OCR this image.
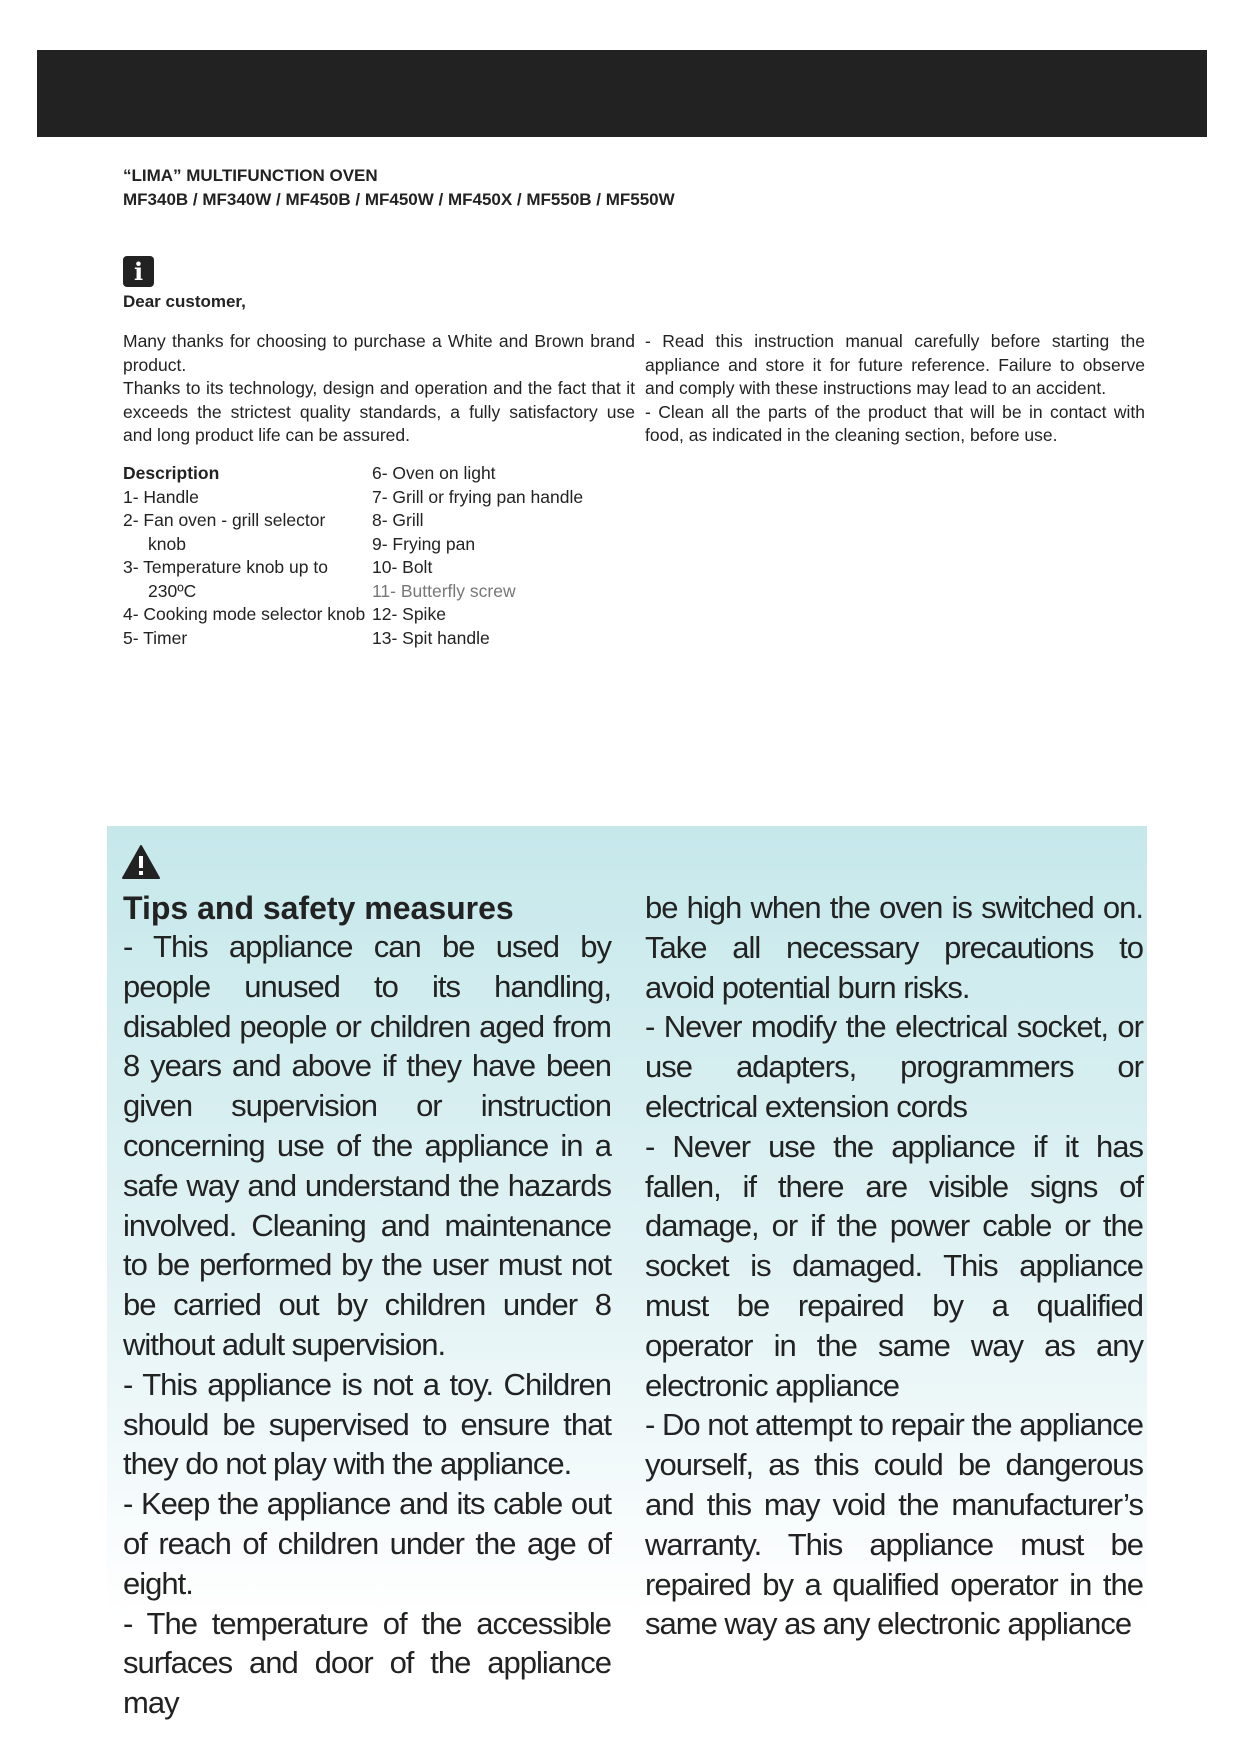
“LIMA” MULTIFUNCTION OVEN
MF340B / MF340W / MF450B / MF450W / MF450X / MF550B / MF550W
i
Dear customer,

Many thanks for choosing to purchase a White and Brown brand product.

Thanks to its technology, design and operation and the fact that it exceeds the strictest quality standards, a fully satisfactory use and long product life can be assured.

- Read this instruction manual carefully before starting the appliance and store it for future reference. Failure to observe and comply with these instructions may lead to an accident.

- Clean all the parts of the product that will be in contact with food, as indicated in the cleaning section, before use.

Description
1- Handle
2- Fan oven - grill selector knob
3- Temperature knob up to 230ºC
4- Cooking mode selector knob
5- Timer
6- Oven on light
7- Grill or frying pan handle
8- Grill
9- Frying pan
10- Bolt
11- Butterfly screw
12- Spike
13- Spit handle
Tips and safety measures

- This appliance can be used by people unused to its handling, disabled people or children aged from 8 years and above if they have been given supervision or instruction concerning use of the appliance in a safe way and understand the hazards involved. Cleaning and maintenance to be performed by the user must not be carried out by children under 8 without adult supervision.

- This appliance is not a toy. Children should be supervised to ensure that they do not play with the appliance.

- Keep the appliance and its cable out of reach of children under the age of eight.

- The temperature of the accessible surfaces and door of the appliance may

be high when the oven is switched on. Take all necessary precautions to avoid potential burn risks.

- Never modify the electrical socket, or use adapters, programmers or electrical extension cords

- Never use the appliance if it has fallen, if there are visible signs of damage, or if the power cable or the socket is damaged. This appliance must be repaired by a qualified operator in the same way as any electronic appliance

- Do not attempt to repair the appliance yourself, as this could be dangerous and this may void the manufacturer’s warranty. This appliance must be repaired by a qualified operator in the same way as any electronic appliance
